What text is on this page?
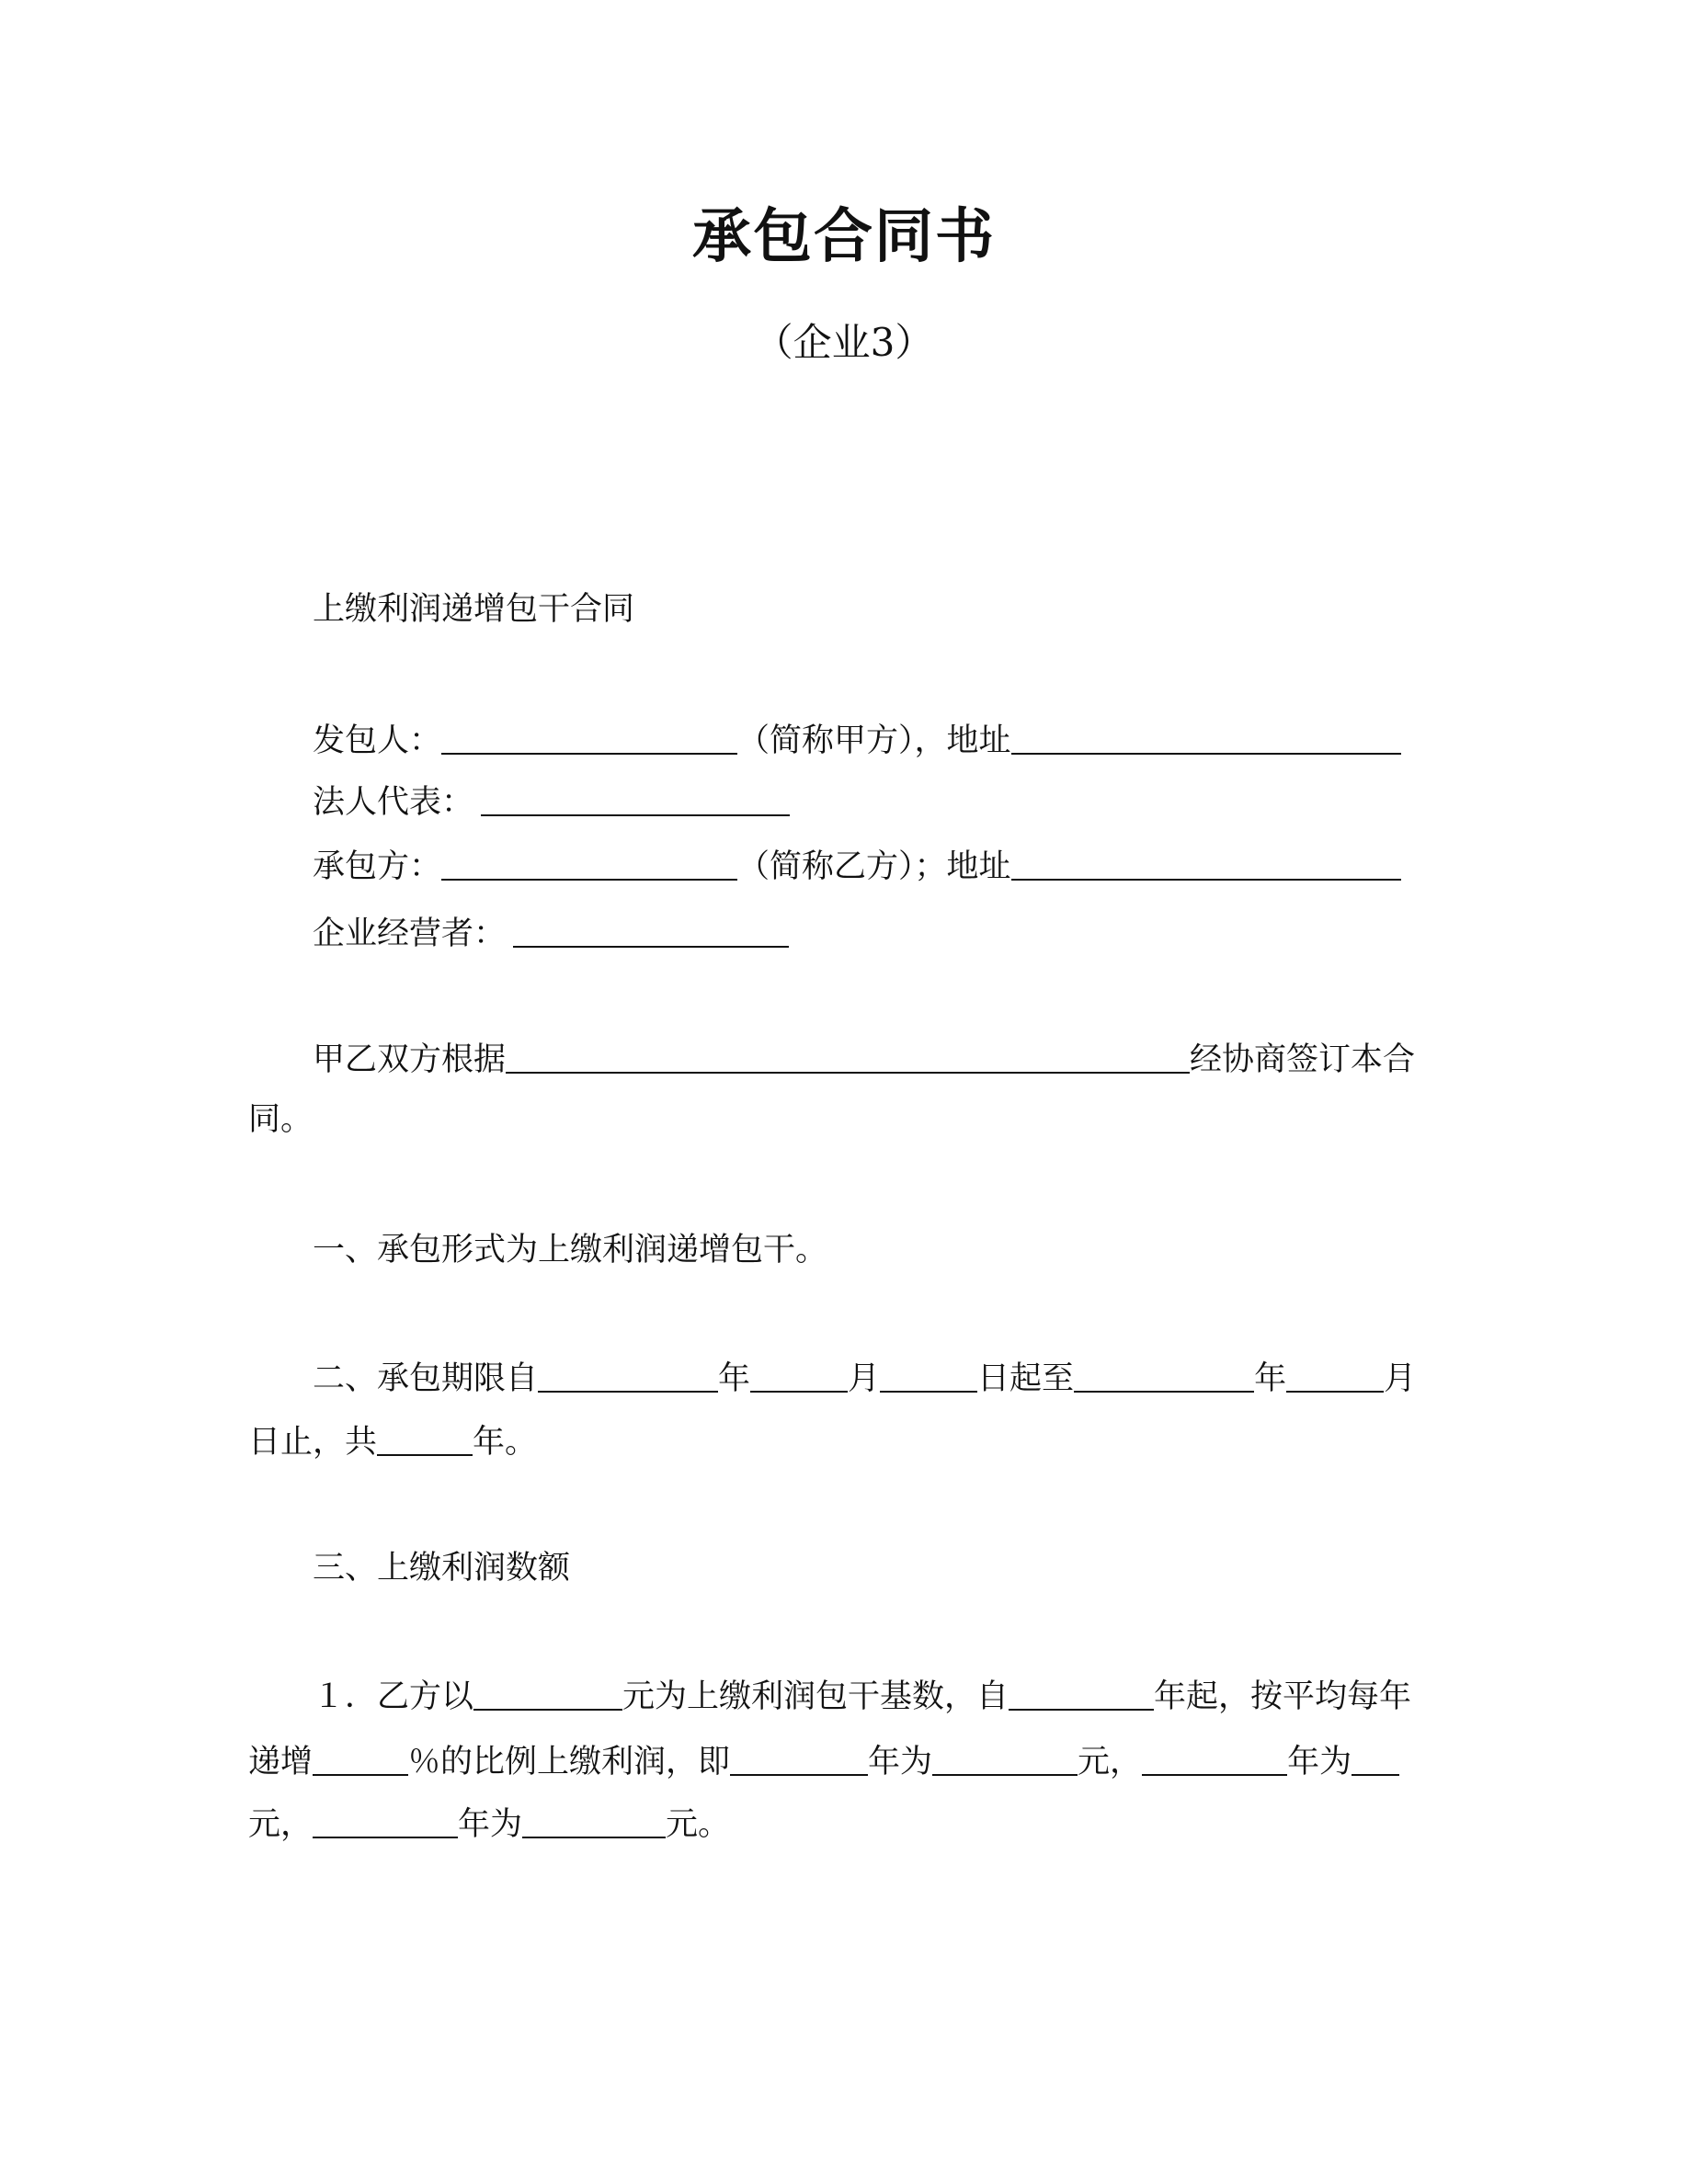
承包合同书
（企业3）
上缴利润递增包干合同
发包人：	（简称甲方），地址
法人代表：
承包方：	（简称乙方）；地址
企业经营者：
甲乙双方根据	经协商签订本合
同。
一、承包形式为上缴利润递增包干。
二、承包期限自	年	月	日起至	年	月
日止，共	年。
三、上缴利润数额
１．乙方以	元为上缴利润包干基数，自	年起，按平均每年
递增	％的比例上缴利润，即	年为	元，	年为
元，	年为	元。
